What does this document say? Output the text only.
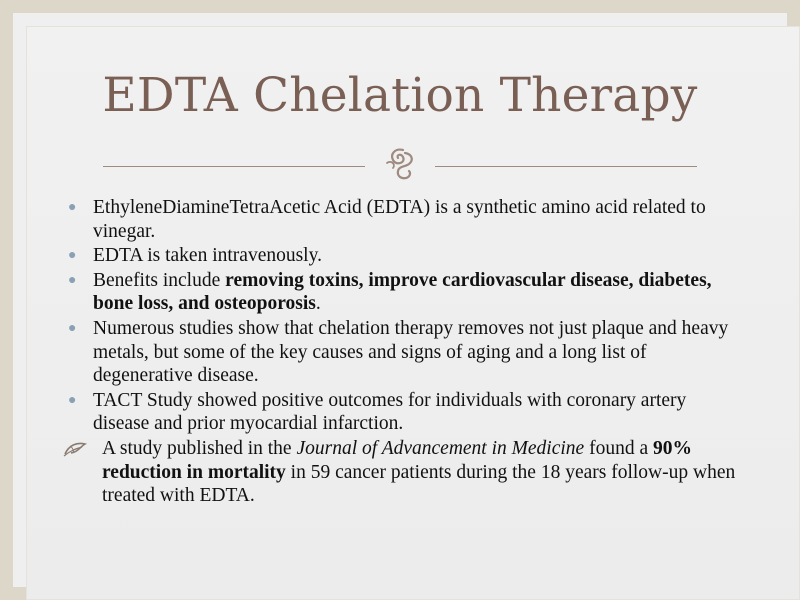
EDTA Chelation Therapy
● EthyleneDiamineTetraAcetic Acid (EDTA) is a synthetic amino acid related to vinegar.
● EDTA is taken intravenously.
● Benefits include removing toxins, improve cardiovascular disease, diabetes, bone loss, and osteoporosis.
● Numerous studies show that chelation therapy removes not just plaque and heavy metals, but some of the key causes and signs of aging and a long list of degenerative disease.
● TACT Study showed positive outcomes for individuals with coronary artery disease and prior myocardial infarction.
A study published in the Journal of Advancement in Medicine found a 90% reduction in mortality in 59 cancer patients during the 18 years follow-up when treated with EDTA.
